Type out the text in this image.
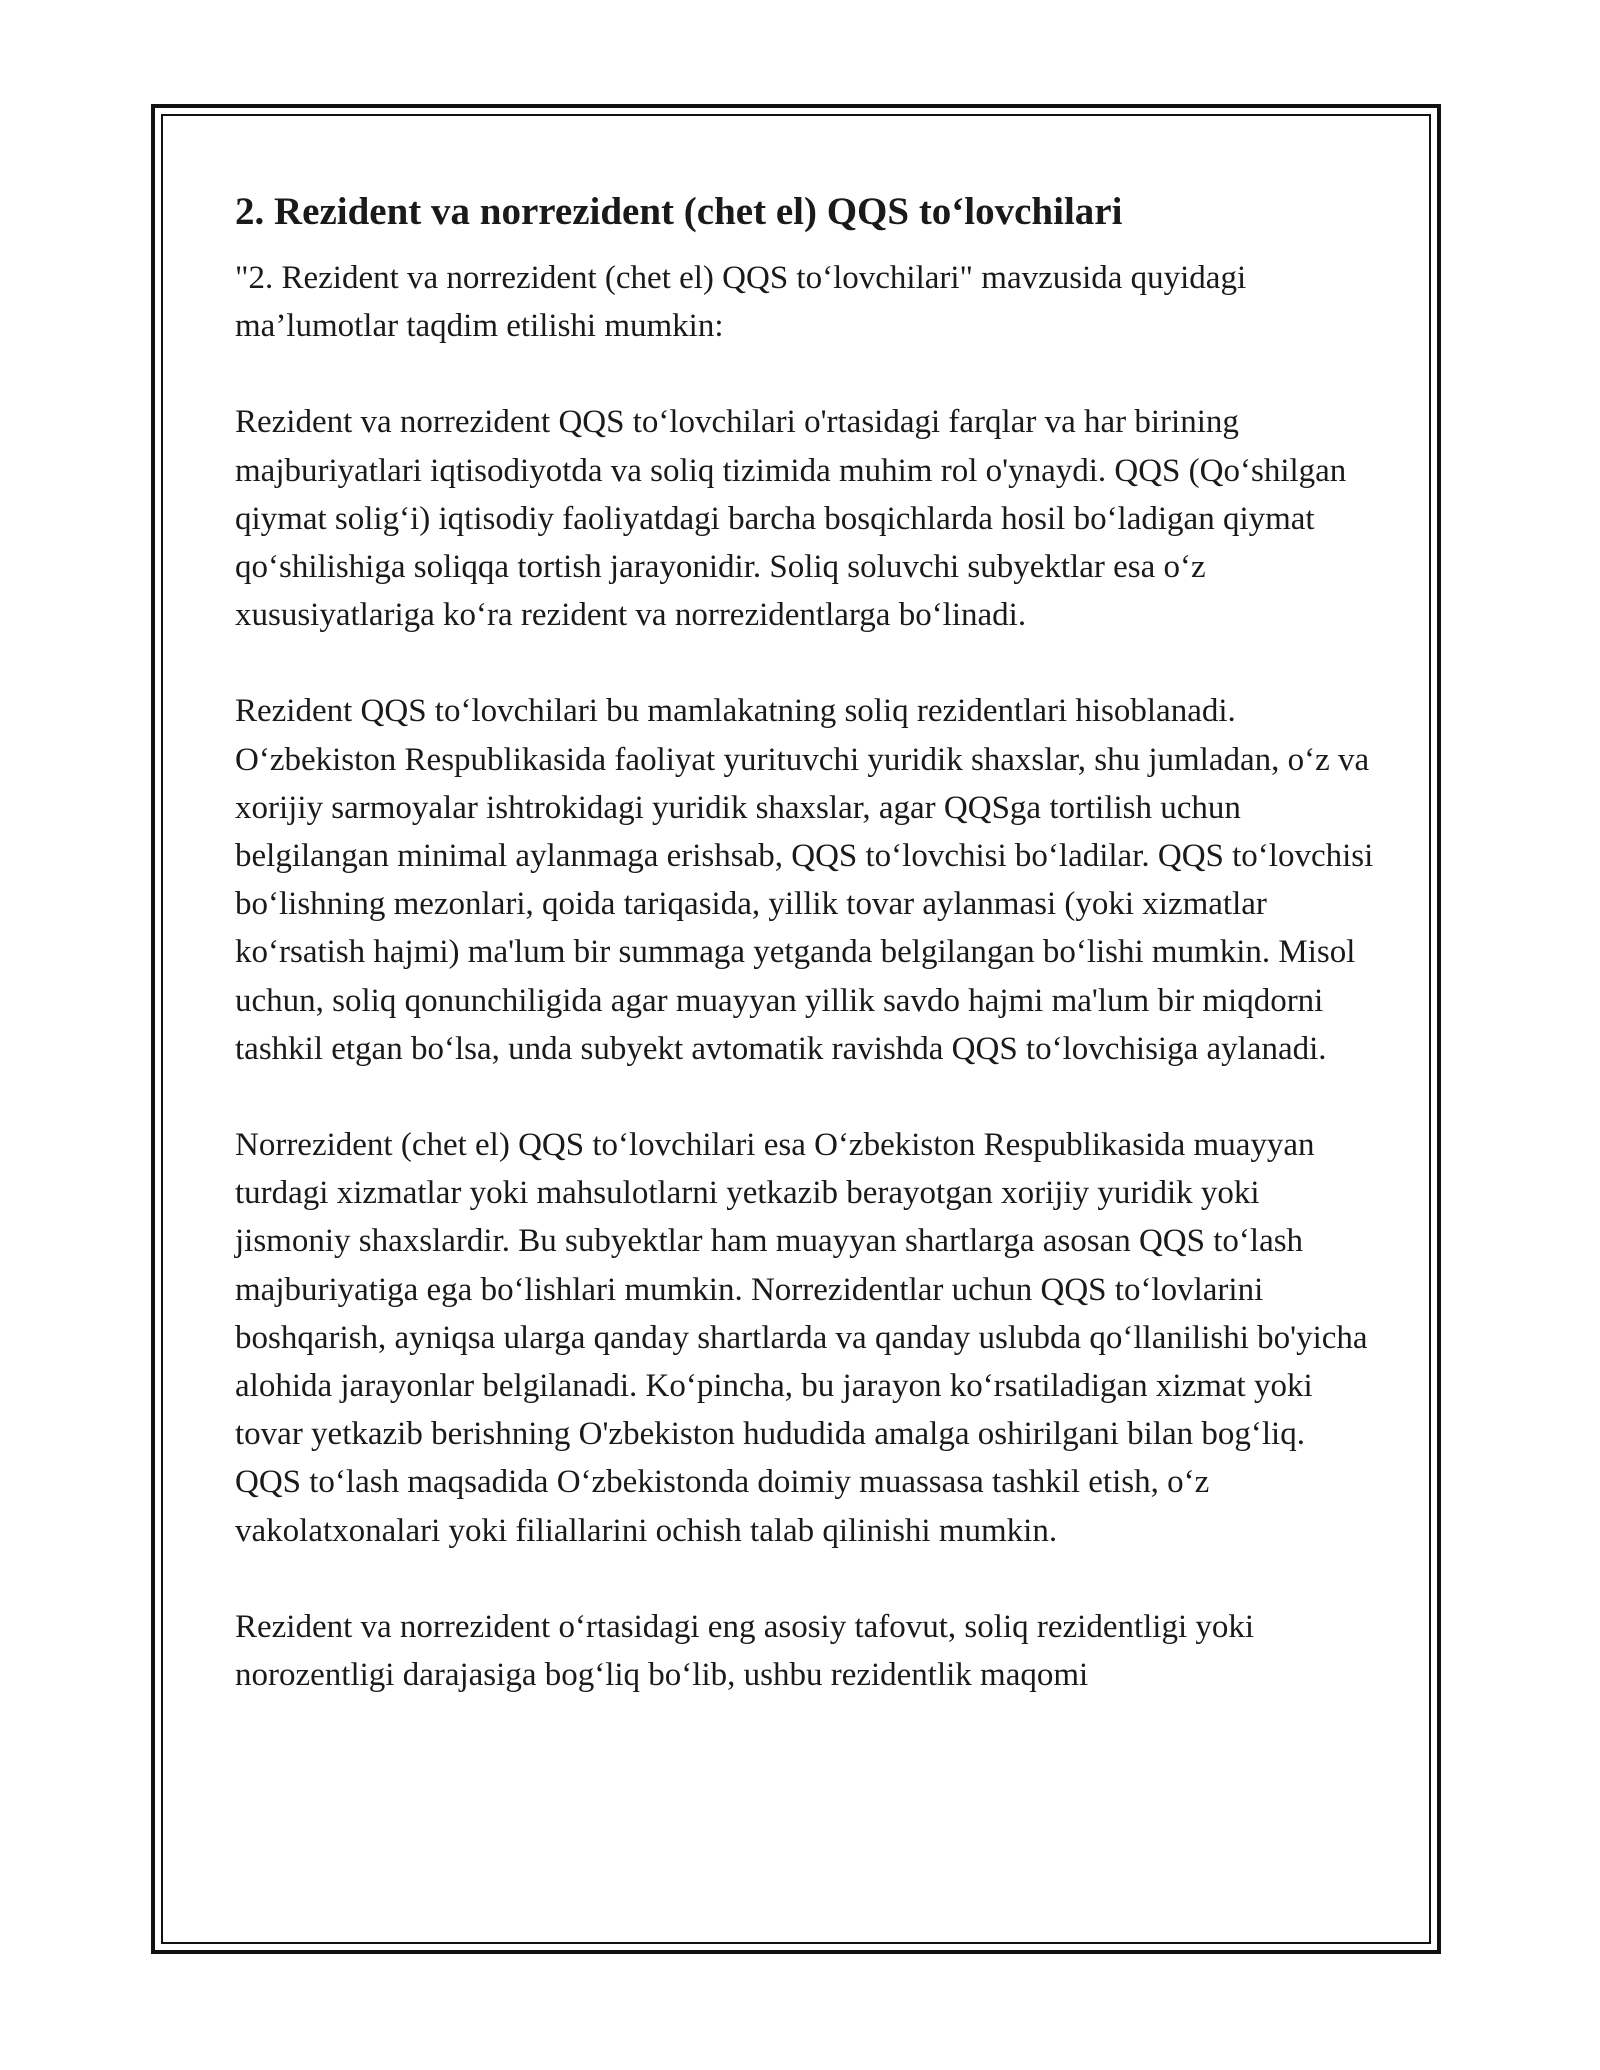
2. Rezident va norrezident (chet el) QQS to‘lovchilari

"2. Rezident va norrezident (chet el) QQS to‘lovchilari" mavzusida quyidagi ma’lumotlar taqdim etilishi mumkin:

Rezident va norrezident QQS to‘lovchilari o'rtasidagi farqlar va har birining majburiyatlari iqtisodiyotda va soliq tizimida muhim rol o'ynaydi. QQS (Qo‘shilgan qiymat solig‘i) iqtisodiy faoliyatdagi barcha bosqichlarda hosil bo‘ladigan qiymat qo‘shilishiga soliqqa tortish jarayonidir. Soliq soluvchi subyektlar esa o‘z xususiyatlariga ko‘ra rezident va norrezidentlarga bo‘linadi.

Rezident QQS to‘lovchilari bu mamlakatning soliq rezidentlari hisoblanadi. O‘zbekiston Respublikasida faoliyat yurituvchi yuridik shaxslar, shu jumladan, o‘z va xorijiy sarmoyalar ishtrokidagi yuridik shaxslar, agar QQSga tortilish uchun belgilangan minimal aylanmaga erishsab, QQS to‘lovchisi bo‘ladilar. QQS to‘lovchisi bo‘lishning mezonlari, qoida tariqasida, yillik tovar aylanmasi (yoki xizmatlar ko‘rsatish hajmi) ma'lum bir summaga yetganda belgilangan bo‘lishi mumkin. Misol uchun, soliq qonunchiligida agar muayyan yillik savdo hajmi ma'lum bir miqdorni tashkil etgan bo‘lsa, unda subyekt avtomatik ravishda QQS to‘lovchisiga aylanadi.

Norrezident (chet el) QQS to‘lovchilari esa O‘zbekiston Respublikasida muayyan turdagi xizmatlar yoki mahsulotlarni yetkazib berayotgan xorijiy yuridik yoki jismoniy shaxslardir. Bu subyektlar ham muayyan shartlarga asosan QQS to‘lash majburiyatiga ega bo‘lishlari mumkin. Norrezidentlar uchun QQS to‘lovlarini boshqarish, ayniqsa ularga qanday shartlarda va qanday uslubda qo‘llanilishi bo'yicha alohida jarayonlar belgilanadi. Ko‘pincha, bu jarayon ko‘rsatiladigan xizmat yoki tovar yetkazib berishning O'zbekiston hududida amalga oshirilgani bilan bog‘liq. QQS to‘lash maqsadida O‘zbekistonda doimiy muassasa tashkil etish, o‘z vakolatxonalari yoki filiallarini ochish talab qilinishi mumkin.

Rezident va norrezident o‘rtasidagi eng asosiy tafovut, soliq rezidentligi yoki norozentligi darajasiga bog‘liq bo‘lib, ushbu rezidentlik maqomi
